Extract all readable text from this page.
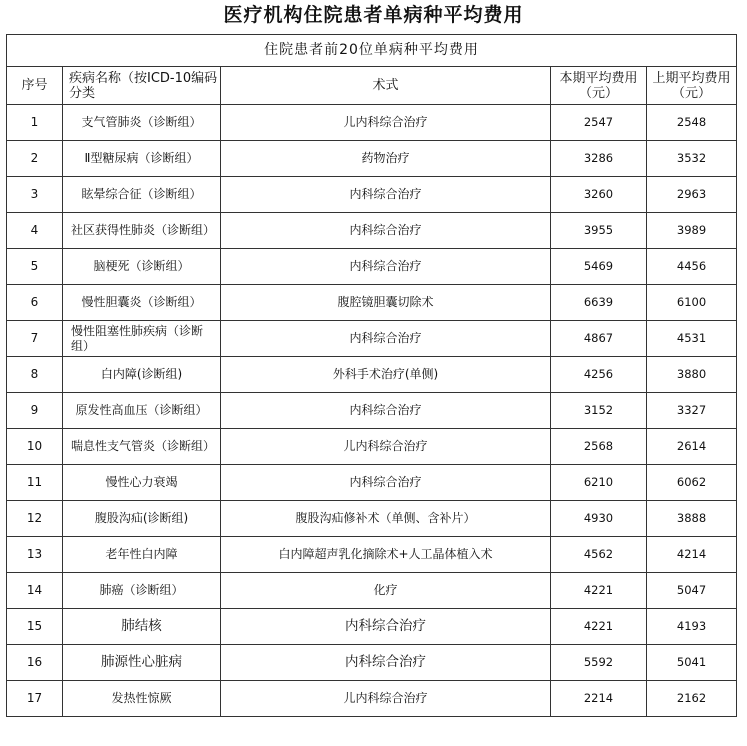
医疗机构住院患者单病种平均费用
住院患者前20位单病种平均费用				
序号	疾病名称（按ICD-10编码分类	术式	本期平均费用（元）	上期平均费用（元）
1	支气管肺炎（诊断组）	儿内科综合治疗	2547	2548
2	Ⅱ型糖尿病（诊断组）	药物治疗	3286	3532
3	眩晕综合征（诊断组）	内科综合治疗	3260	2963
4	社区获得性肺炎（诊断组）	内科综合治疗	3955	3989
5	脑梗死（诊断组）	内科综合治疗	5469	4456
6	慢性胆囊炎（诊断组）	腹腔镜胆囊切除术	6639	6100
7	慢性阻塞性肺疾病（诊断组）	内科综合治疗	4867	4531
8	白内障(诊断组)	外科手术治疗(单侧)	4256	3880
9	原发性高血压（诊断组）	内科综合治疗	3152	3327
10	喘息性支气管炎（诊断组）	儿内科综合治疗	2568	2614
11	慢性心力衰竭	内科综合治疗	6210	6062
12	腹股沟疝(诊断组)	腹股沟疝修补术（单侧、含补片）	4930	3888
13	老年性白内障	白内障超声乳化摘除术+人工晶体植入术	4562	4214
14	肺癌（诊断组）	化疗	4221	5047
15	肺结核	内科综合治疗	4221	4193
16	肺源性心脏病	内科综合治疗	5592	5041
17	发热性惊厥	儿内科综合治疗	2214	2162
